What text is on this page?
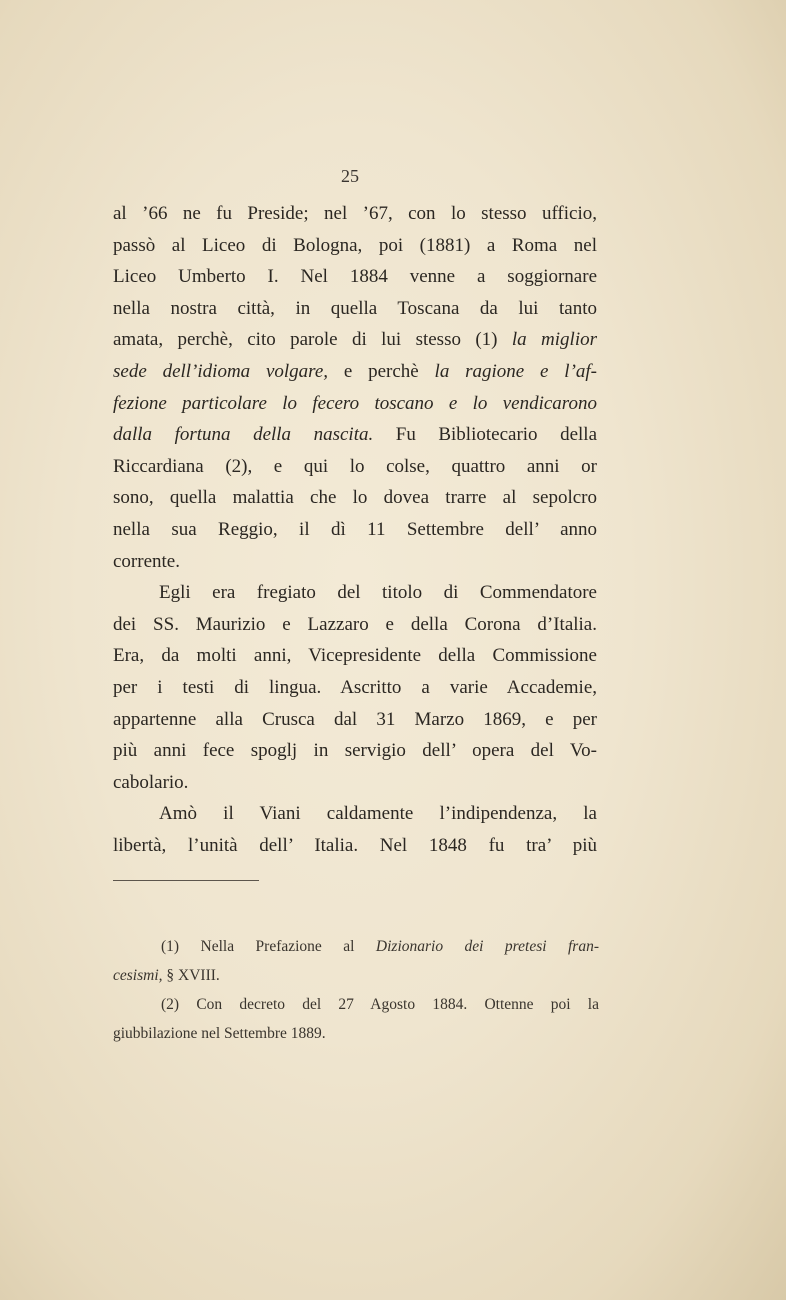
25
al ’66 ne fu Preside; nel ’67, con lo stesso ufficio,
passò al Liceo di Bologna, poi (1881) a Roma nel
Liceo Umberto I. Nel 1884 venne a soggiornare
nella nostra città, in quella Toscana da lui tanto
amata, perchè, cito parole di lui stesso (1) la miglior
sede dell’idioma volgare, e perchè la ragione e l’af-
fezione particolare lo fecero toscano e lo vendicarono
dalla fortuna della nascita. Fu Bibliotecario della
Riccardiana (2), e qui lo colse, quattro anni or
sono, quella malattia che lo dovea trarre al sepolcro
nella sua Reggio, il dì 11 Settembre dell’ anno
corrente.
Egli era fregiato del titolo di Commendatore
dei SS. Maurizio e Lazzaro e della Corona d’Italia.
Era, da molti anni, Vicepresidente della Commissione
per i testi di lingua. Ascritto a varie Accademie,
appartenne alla Crusca dal 31 Marzo 1869, e per
più anni fece spoglj in servigio dell’ opera del Vo-
cabolario.
Amò il Viani caldamente l’indipendenza, la
libertà, l’unità dell’ Italia. Nel 1848 fu tra’ più
(1) Nella Prefazione al Dizionario dei pretesi fran-
cesismi, § XVIII.
(2) Con decreto del 27 Agosto 1884. Ottenne poi la
giubbilazione nel Settembre 1889.
